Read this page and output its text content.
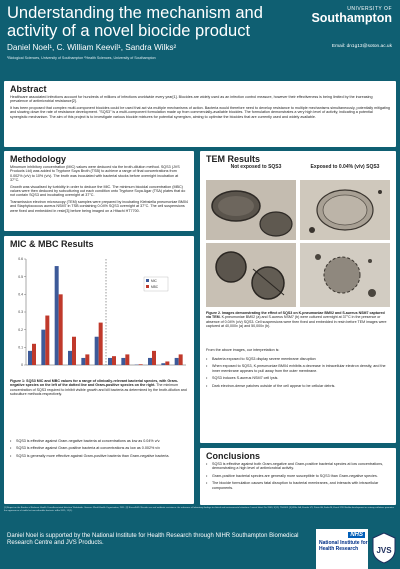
Understanding the mechanism and activity of a novel biocide product
UNIVERSITY OF
Southampton
Daniel Noel¹, C. William Keevil¹, Sandra Wilks²
¹Biological Sciences, University of Southampton ²Health Sciences, University of Southampton
Email: dn1g13@soton.ac.uk
Abstract

Healthcare associated infections account for hundreds of millions of infections worldwide every year[1]. Biocides are widely used as an infection control measure, however their effectiveness is being limited by the increasing prevalence of antimicrobial resistance[2].

It has been proposed that complex multi-component biocides could be used that act via multiple mechanisms of action. Bacteria would therefore need to develop resistance to multiple mechanisms simultaneously, potentially mitigating and slowing down the rate of resistance development. "SQS3" is a multi-component formulation made up from commercially-available biocides. The formulation demonstrates a very high level of activity, indicating a potential synergistic mechanism. The aim of this project is to investigate various biocide mixtures for potential synergism, aiming to optimise the biocides that are currently used and widely available.

Methodology

Minumum inhibitory concentration (MIC) values were deduced via the broth-dilution method. SQS3 (JVS Products Ltd) was added to Tryptone Soya Broth (TSB) to achieve a range of final concentrations from 0.002% (v/v) to 10% (v/v). The broth was inoculated with bacterial stocks before overnight incubation at 37°C.

Growth was visualised by turbidity in order to deduce the MIC. The minimum biocidal concentration (MBC) values were then deduced by subculturing out each condition onto Tryptone Soya Agar (TSA) plates that do not contain SQS3 and incubating overnight at 37°C.

Transmission electron microscopy (TEM) samples were prepared by incubating Klebsiella pneumoniae BM04 and Staphylococcus aureus NSM7 in TSB containing 0.04% SQS3 overnight at 37°C. The cell suspensions were fixed and embedded in resin[3] before being imaged on a Hitachi HT7700.

MIC & MBC Results
0.6
0.5
0.4
0.3
0.2
0.1
0
MIC
MBC
Figure 1: SQS3 MIC and MBC values for a range of clinically-relevant bacterial species, with Gram-negative species on the left of the dotted line and Gram-positive species on the right. The minimum concentration of SQS3 required to inhibit visible growth and kill bacteria as determined by the broth-dilution and subculture methods respectively.
• SQS3 is effective against Gram-negative bacteria at concentrations as low as 0.04% v/v.
• SQS3 is effective against Gram-positive bacteria at concentrations as low as 0.002% v/v
• SQS3 is generally more effective against Gram-positive bacteria than Gram-negative bacteria.
TEM Results
Not exposed to SQS3	Exposed to 0.04% (v/v) SQS3
Figure 2. Images demonstrating the effect of SQS3 on K.pneumoniae BM02 and S.aureus NSM7 captured via TEM. K.pneumoniae BM02 (a) and S.aureus NSM7 (b) were cultured overnight at 37°C in the presence or absence of 0.04% (v/v) SQS3. Cell suspensions were then fixed and embedded in resin before TEM images were captured at 40,000x (a) and 50,000x (b).
From the above images, our interpretation is:
• Bacteria exposed to SQS3 display severe membrane disruption
• When exposed to SQS3, K.pneumoniae BM04 exhibits a decrease in intracellular electron density, and the inner membrane appears to pull away from the outer membrane.
• SQS3 induces S.aureus NSM7 cell lysis.
• Dark electron-dense patches outside of the cell appear to be cellular debris.
Conclusions
• SQS3 is effective against both Gram-negative and Gram-positive bacterial species at low concentrations, demonstrating a high level of antimicrobial activity.
• Gram-positive bacterial species are generally more susceptible to SQS3 than Gram-negative species.
• The biocide formulation causes fatal disruption to bacterial membranes, and interacts with intracellular components.
[1] Report on the Burden of Endemic Health Care-Associated Infection Worldwide. Geneva: World Health Organization, 2011. [2] Russell AD. Biocide use and antibiotic resistance: the relevance of laboratory findings to clinical and environmental situations. Lancet Infect Dis 2003; 3(12): 794-803. [3] Wilks SA, Koerfer VV, Prieto JA, Fader M, Keevil CW. Biofilm development on urinary catheters promotes the appearance of viable but nonculturable bacteria. mBio 2021; 12(2).
Daniel Noel is supported by the National Institute for Health Research through NIHR Southampton Biomedical Research Centre and JVS Products.
NHS
National Institute for Health Research	JVS
